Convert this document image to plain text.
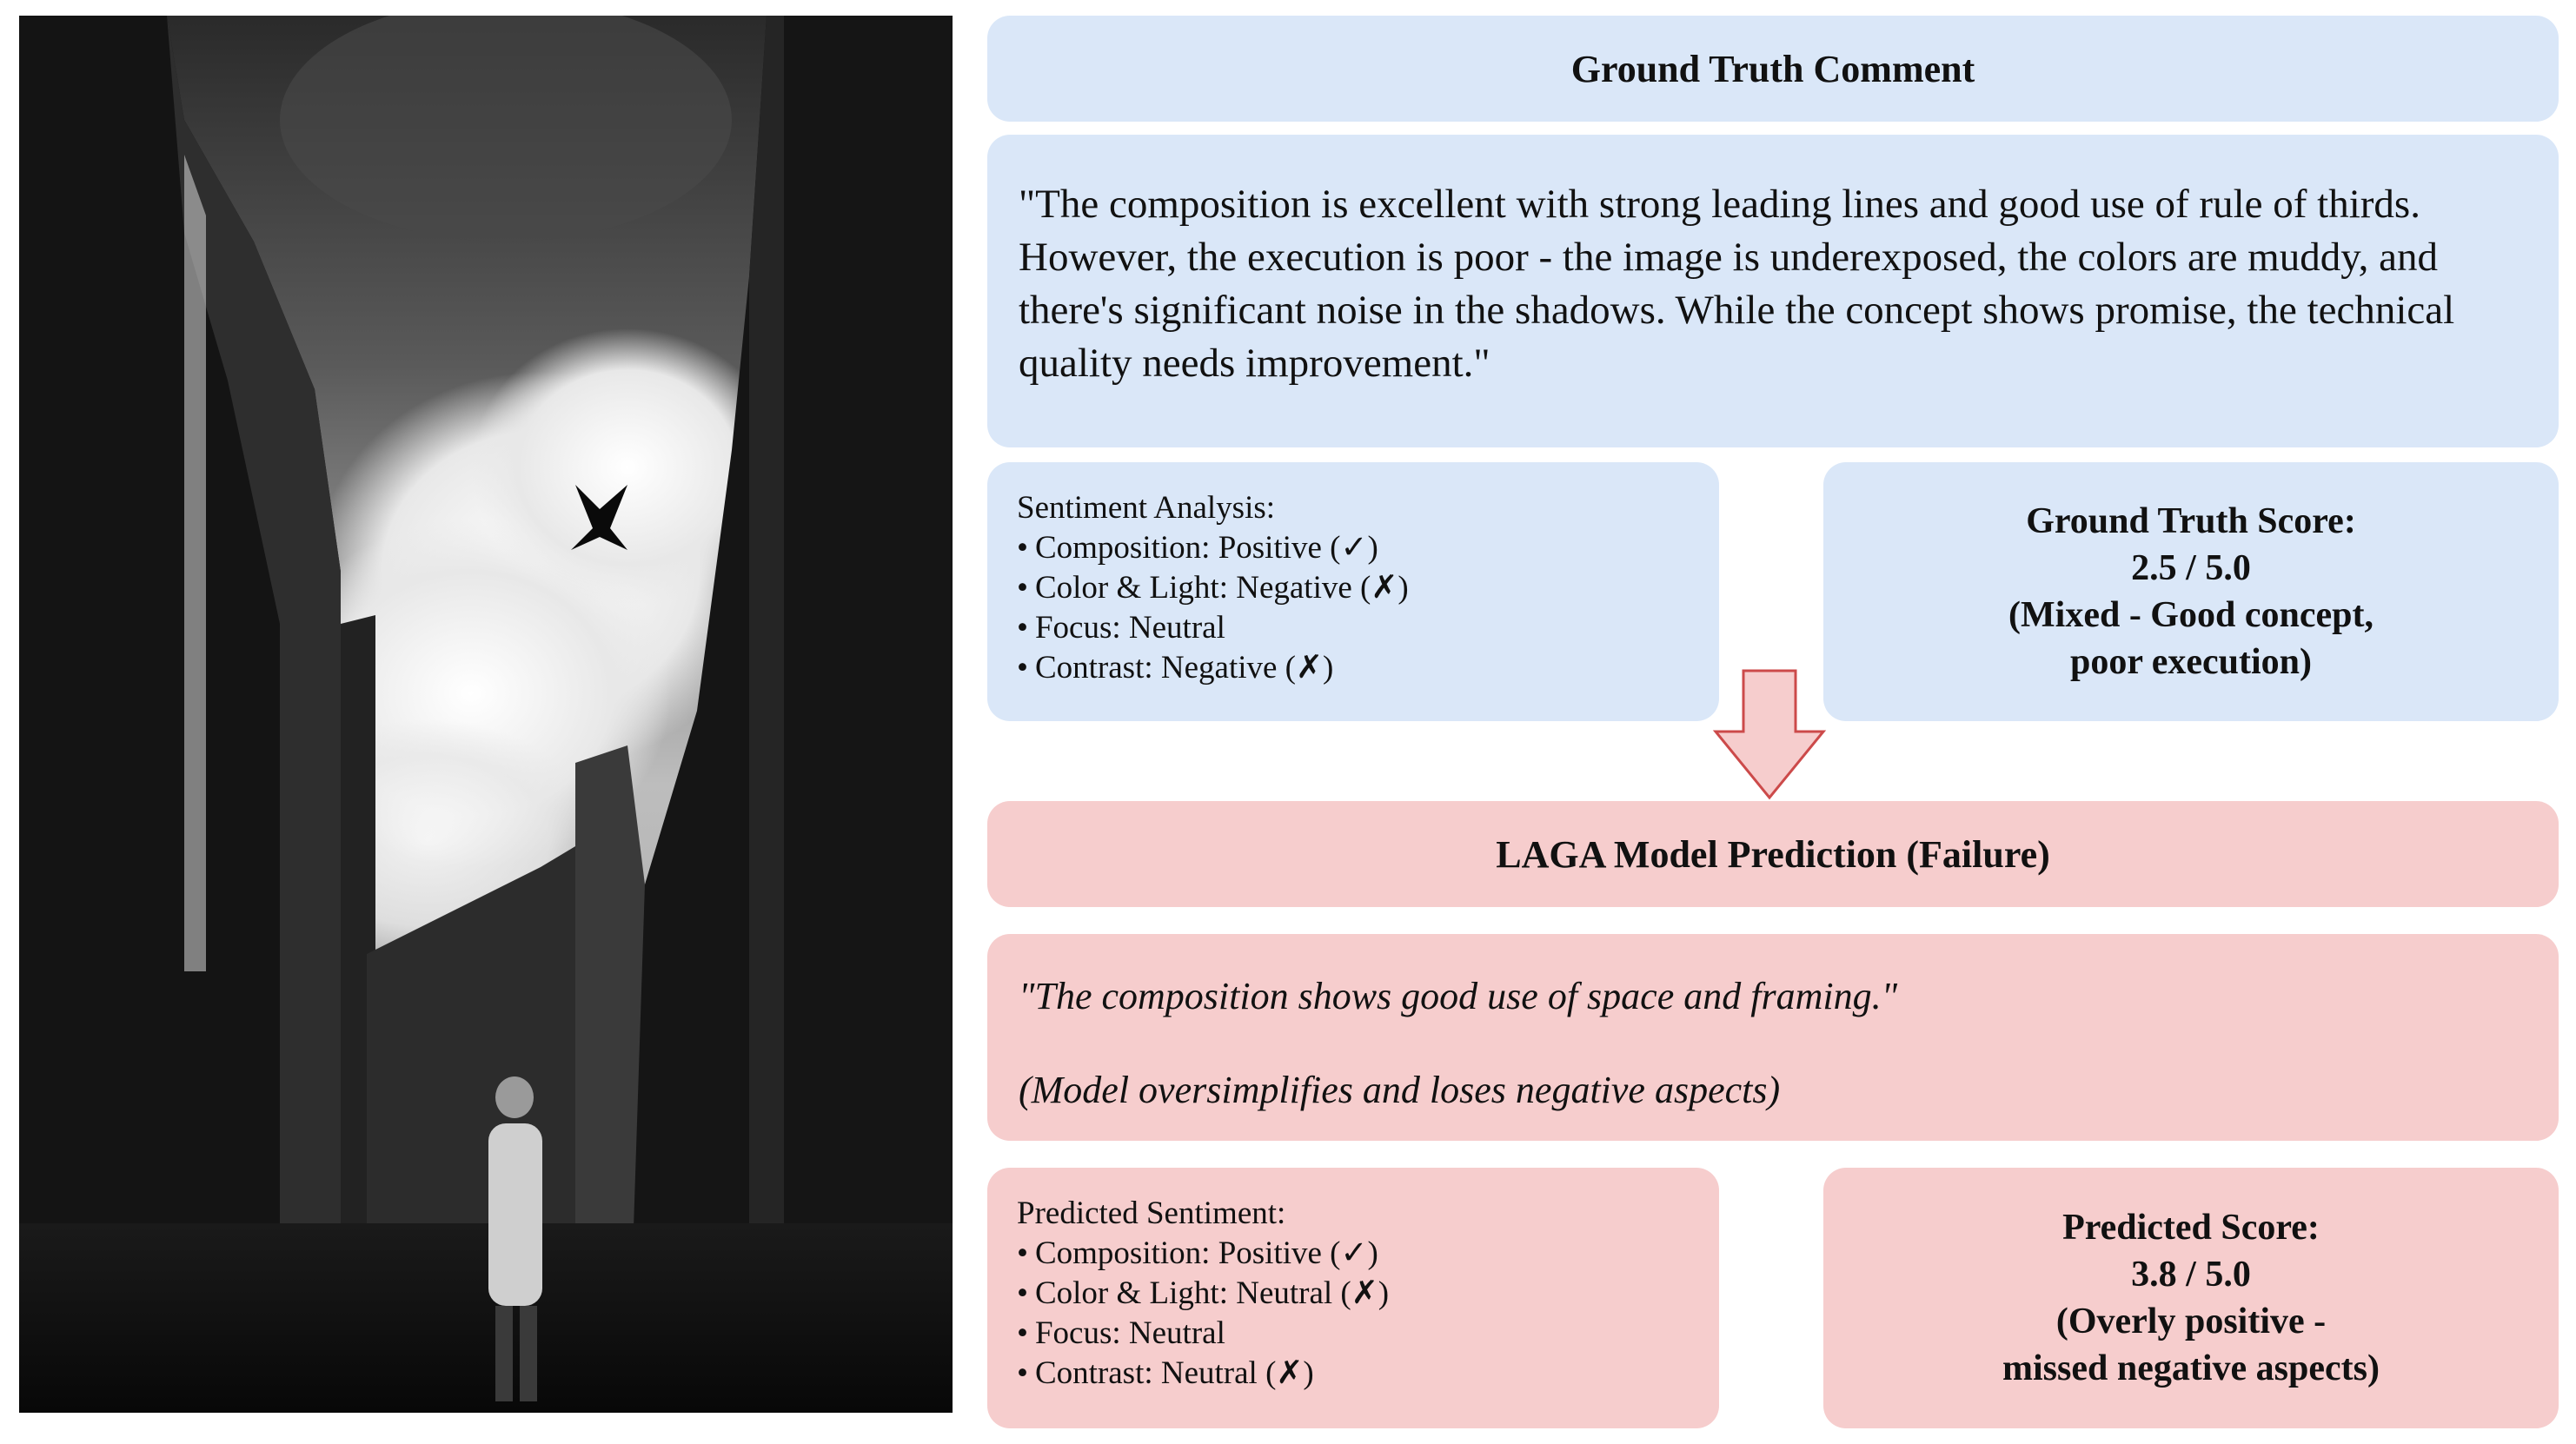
Ground Truth Comment
"The composition is excellent with strong leading lines and good use of rule of thirds. However, the execution is poor - the image is underexposed, the colors are muddy, and there's significant noise in the shadows. While the concept shows promise, the technical quality needs improvement."
Sentiment Analysis:
• Composition: Positive (✓)
• Color & Light: Negative (✗)
• Focus: Neutral
• Contrast: Negative (✗)
Ground Truth Score:
2.5 / 5.0
(Mixed - Good concept,
poor execution)
LAGA Model Prediction (Failure)
"The composition shows good use of space and framing."
(Model oversimplifies and loses negative aspects)
Predicted Sentiment:
• Composition: Positive (✓)
• Color & Light: Neutral (✗)
• Focus: Neutral
• Contrast: Neutral (✗)
Predicted Score:
3.8 / 5.0
(Overly positive -
missed negative aspects)
